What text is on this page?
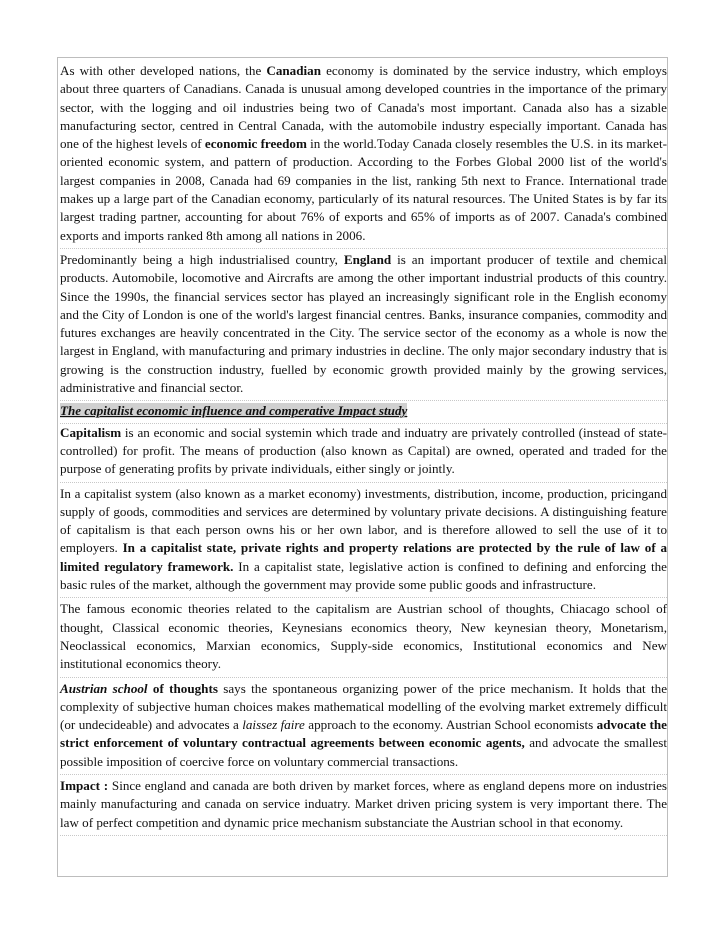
As with other developed nations, the Canadian economy is dominated by the service industry, which employs about three quarters of Canadians. Canada is unusual among developed countries in the importance of the primary sector, with the logging and oil industries being two of Canada's most important. Canada also has a sizable manufacturing sector, centred in Central Canada, with the automobile industry especially important. Canada has one of the highest levels of economic freedom in the world.Today Canada closely resembles the U.S. in its market-oriented economic system, and pattern of production. According to the Forbes Global 2000 list of the world's largest companies in 2008, Canada had 69 companies in the list, ranking 5th next to France. International trade makes up a large part of the Canadian economy, particularly of its natural resources. The United States is by far its largest trading partner, accounting for about 76% of exports and 65% of imports as of 2007. Canada's combined exports and imports ranked 8th among all nations in 2006.

Predominantly being a high industrialised country, England is an important producer of textile and chemical products. Automobile, locomotive and Aircrafts are among the other important industrial products of this country. Since the 1990s, the financial services sector has played an increasingly significant role in the English economy and the City of London is one of the world's largest financial centres. Banks, insurance companies, commodity and futures exchanges are heavily concentrated in the City. The service sector of the economy as a whole is now the largest in England, with manufacturing and primary industries in decline. The only major secondary industry that is growing is the construction industry, fuelled by economic growth provided mainly by the growing services, administrative and financial sector.

The capitalist economic influence and comperative Impact study

Capitalism is an economic and social systemin which trade and induatry are privately controlled (instead of state-controlled) for profit. The means of production (also known as Capital) are owned, operated and traded for the purpose of generating profits by private individuals, either singly or jointly.

In a capitalist system (also known as a market economy) investments, distribution, income, production, pricingand supply of goods, commodities and services are determined by voluntary private decisions. A distinguishing feature of capitalism is that each person owns his or her own labor, and is therefore allowed to sell the use of it to employers. In a capitalist state, private rights and property relations are protected by the rule of law of a limited regulatory framework. In a capitalist state, legislative action is confined to defining and enforcing the basic rules of the market, although the government may provide some public goods and infrastructure.

The famous economic theories related to the capitalism are Austrian school of thoughts, Chiacago school of thought, Classical economic theories, Keynesians economics theory, New keynesian theory, Monetarism, Neoclassical economics, Marxian economics, Supply-side economics, Institutional economics and New institutional economics theory.

Austrian school of thoughts says the spontaneous organizing power of the price mechanism. It holds that the complexity of subjective human choices makes mathematical modelling of the evolving market extremely difficult (or undecideable) and advocates a laissez faire approach to the economy. Austrian School economists advocate the strict enforcement of voluntary contractual agreements between economic agents, and advocate the smallest possible imposition of coercive force on voluntary commercial transactions.

Impact : Since england and canada are both driven by market forces, where as england depens more on industries mainly manufacturing and canada on service induatry. Market driven pricing system is very important there. The law of perfect competition and dynamic price mechanism substanciate the Austrian school in that economy.
